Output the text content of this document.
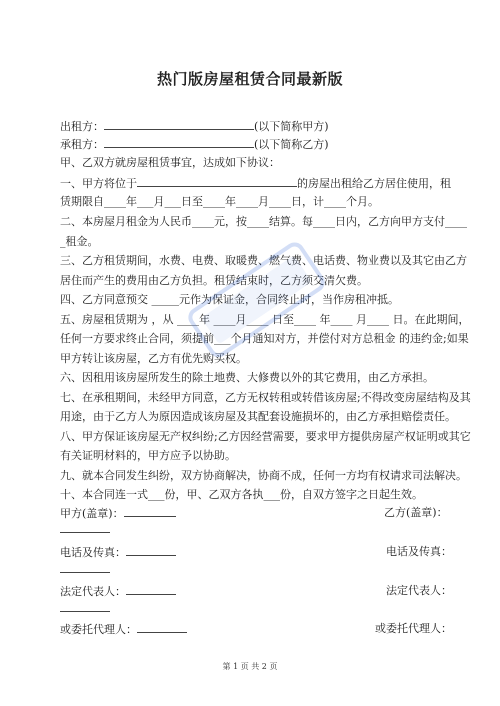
热门版房屋租赁合同最新版
出租方：	(以下简称甲方)
承租方：	(以下简称乙方)
甲、乙双方就房屋租赁事宜，达成如下协议：
一、甲方将位于	的房屋出租给乙方居住使用，租
赁期限自____年___月___日至____年____月____日，计____个月。
二、本房屋月租金为人民币____元，按____结算。每____日内，乙方向甲方支付____
_租金。
三、乙方租赁期间，水费、电费、取暖费、燃气费、电话费、物业费以及其它由乙方
居住而产生的费用由乙方负担。租赁结束时，乙方须交清欠费。
四、乙方同意预交 _____元作为保证金，合同终止时，当作房租冲抵。
五、房屋租赁期为 ，从 ____年 ____月____ 日至____ 年____ 月____ 日。在此期间，
任何一方要求终止合同，须提前___个月通知对方，并偿付对方总租金 的违约金;如果
甲方转让该房屋，乙方有优先购买权。
六、因租用该房屋所发生的除土地费、大修费以外的其它费用，由乙方承担。
七、在承租期间，未经甲方同意，乙方无权转租或转借该房屋;不得改变房屋结构及其
用途，由于乙方人为原因造成该房屋及其配套设施损坏的，由乙方承担赔偿责任。
八、甲方保证该房屋无产权纠纷;乙方因经营需要，要求甲方提供房屋产权证明或其它
有关证明材料的，甲方应予以协助。
九、就本合同发生纠纷，双方协商解决，协商不成，任何一方均有权请求司法解决。
十、本合同连一式___份，甲、乙双方各执___份，自双方签字之日起生效。
甲方(盖章)：	乙方(盖章)：
电话及传真：	电话及传真：
法定代表人：	法定代表人：
或委托代理人：	或委托代理人：
第 1 页 共 2 页
